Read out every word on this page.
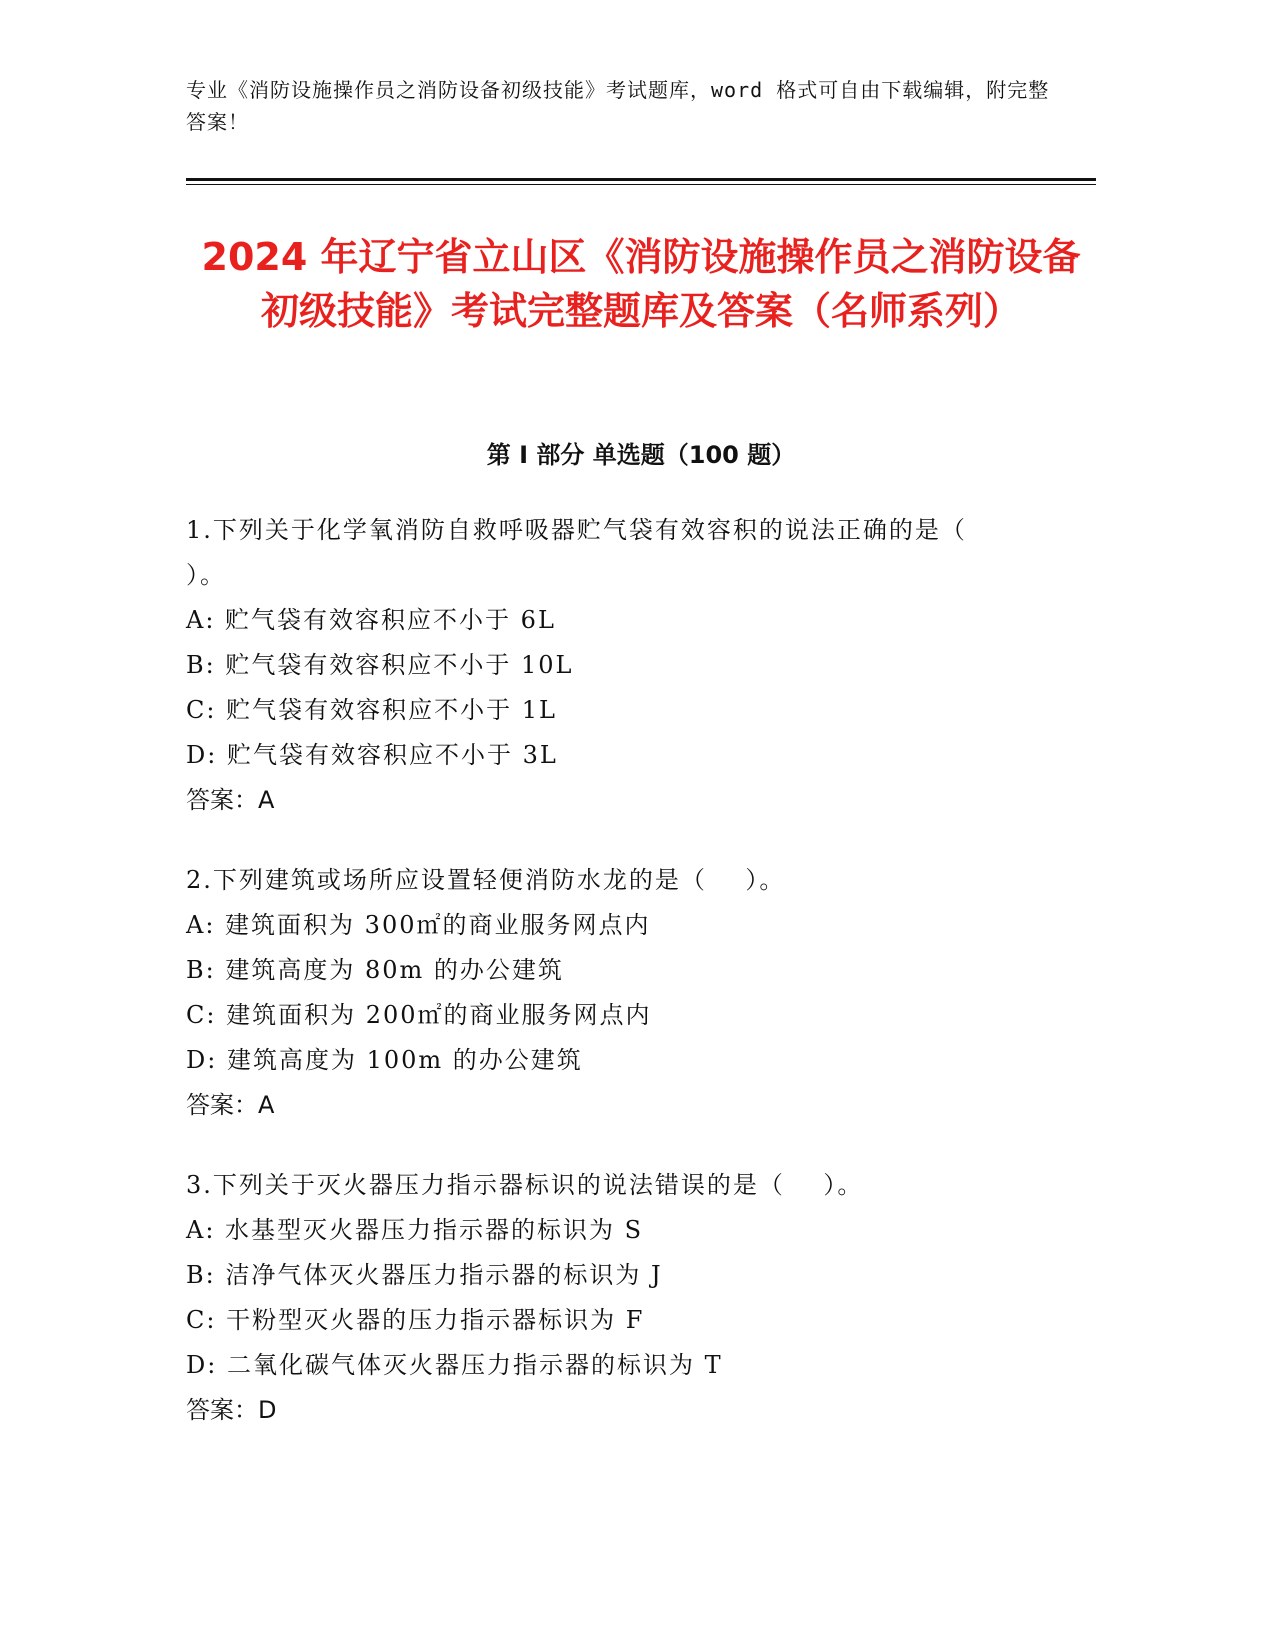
专业《消防设施操作员之消防设备初级技能》考试题库，word 格式可自由下载编辑，附完整答案！
2024 年辽宁省立山区《消防设施操作员之消防设备初级技能》考试完整题库及答案（名师系列）
第 I 部分 单选题（100 题）
1.下列关于化学氧消防自救呼吸器贮气袋有效容积的说法正确的是（
）。
A: 贮气袋有效容积应不小于 6L
B: 贮气袋有效容积应不小于 10L
C: 贮气袋有效容积应不小于 1L
D: 贮气袋有效容积应不小于 3L
答案：A
2.下列建筑或场所应设置轻便消防水龙的是（    ）。
A: 建筑面积为 300㎡的商业服务网点内
B: 建筑高度为 80m 的办公建筑
C: 建筑面积为 200㎡的商业服务网点内
D: 建筑高度为 100m 的办公建筑
答案：A
3.下列关于灭火器压力指示器标识的说法错误的是（    ）。
A: 水基型灭火器压力指示器的标识为 S
B: 洁净气体灭火器压力指示器的标识为 J
C: 干粉型灭火器的压力指示器标识为 F
D: 二氧化碳气体灭火器压力指示器的标识为 T
答案：D
